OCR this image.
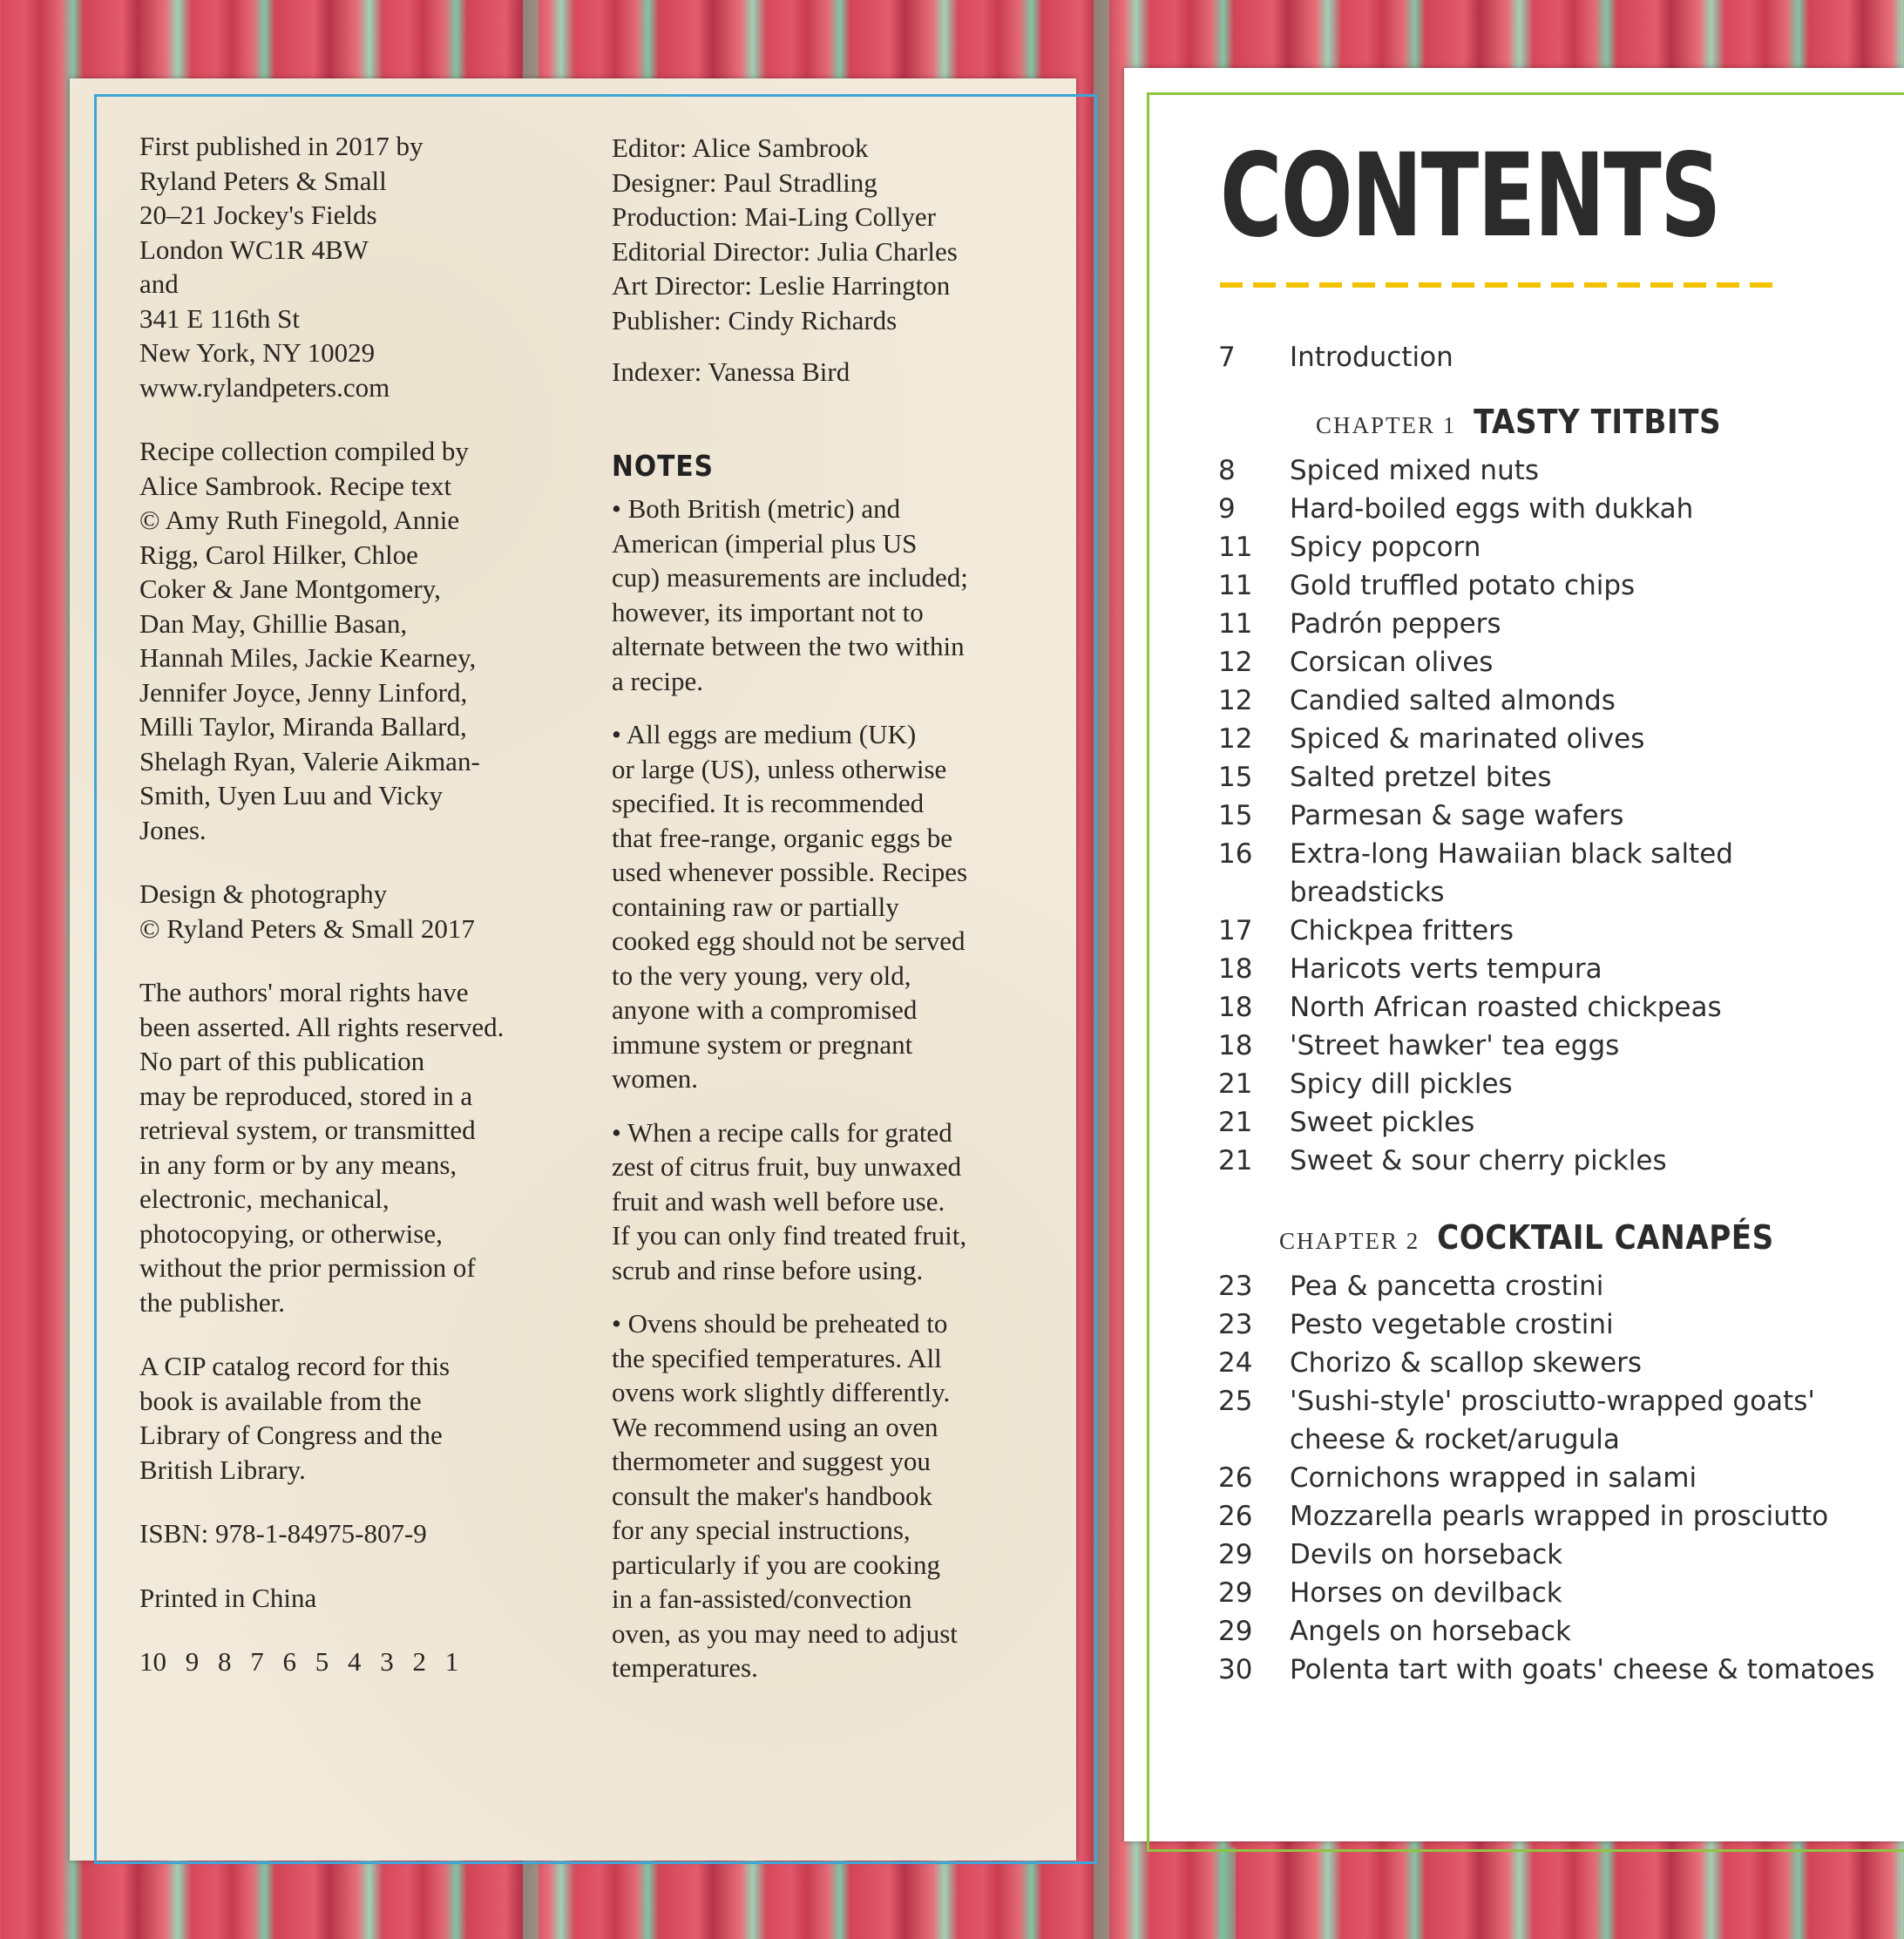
First published in 2017 by
Ryland Peters & Small
20–21 Jockey's Fields
London WC1R 4BW
and
341 E 116th St
New York, NY 10029
www.rylandpeters.com
Recipe collection compiled by
Alice Sambrook. Recipe text
© Amy Ruth Finegold, Annie
Rigg, Carol Hilker, Chloe
Coker & Jane Montgomery,
Dan May, Ghillie Basan,
Hannah Miles, Jackie Kearney,
Jennifer Joyce, Jenny Linford,
Milli Taylor, Miranda Ballard,
Shelagh Ryan, Valerie Aikman-
Smith, Uyen Luu and Vicky
Jones.
Design & photography
© Ryland Peters & Small 2017
The authors' moral rights have
been asserted. All rights reserved.
No part of this publication
may be reproduced, stored in a
retrieval system, or transmitted
in any form or by any means,
electronic, mechanical,
photocopying, or otherwise,
without the prior permission of
the publisher.
A CIP catalog record for this
book is available from the
Library of Congress and the
British Library.
ISBN: 978-1-84975-807-9
Printed in China
10 9 8 7 6 5 4 3 2 1
Editor: Alice Sambrook
Designer: Paul Stradling
Production: Mai-Ling Collyer
Editorial Director: Julia Charles
Art Director: Leslie Harrington
Publisher: Cindy Richards
Indexer: Vanessa Bird
NOTES
• Both British (metric) and
American (imperial plus US
cup) measurements are included;
however, its important not to
alternate between the two within
a recipe.
• All eggs are medium (UK)
or large (US), unless otherwise
specified. It is recommended
that free-range, organic eggs be
used whenever possible. Recipes
containing raw or partially
cooked egg should not be served
to the very young, very old,
anyone with a compromised
immune system or pregnant
women.
• When a recipe calls for grated
zest of citrus fruit, buy unwaxed
fruit and wash well before use.
If you can only find treated fruit,
scrub and rinse before using.
• Ovens should be preheated to
the specified temperatures. All
ovens work slightly differently.
We recommend using an oven
thermometer and suggest you
consult the maker's handbook
for any special instructions,
particularly if you are cooking
in a fan-assisted/convection
oven, as you may need to adjust
temperatures.
CONTENTS
7	Introduction
CHAPTER 1 TASTY TITBITS
8	Spiced mixed nuts
9	Hard-boiled eggs with dukkah
11	Spicy popcorn
11	Gold truffled potato chips
11	Padrón peppers
12	Corsican olives
12	Candied salted almonds
12	Spiced & marinated olives
15	Salted pretzel bites
15	Parmesan & sage wafers
16	Extra-long Hawaiian black salted breadsticks
17	Chickpea fritters
18	Haricots verts tempura
18	North African roasted chickpeas
18	'Street hawker' tea eggs
21	Spicy dill pickles
21	Sweet pickles
21	Sweet & sour cherry pickles
CHAPTER 2 COCKTAIL CANAPÉS
23	Pea & pancetta crostini
23	Pesto vegetable crostini
24	Chorizo & scallop skewers
25	'Sushi-style' prosciutto-wrapped goats' cheese & rocket/arugula
26	Cornichons wrapped in salami
26	Mozzarella pearls wrapped in prosciutto
29	Devils on horseback
29	Horses on devilback
29	Angels on horseback
30	Polenta tart with goats' cheese & tomatoes
